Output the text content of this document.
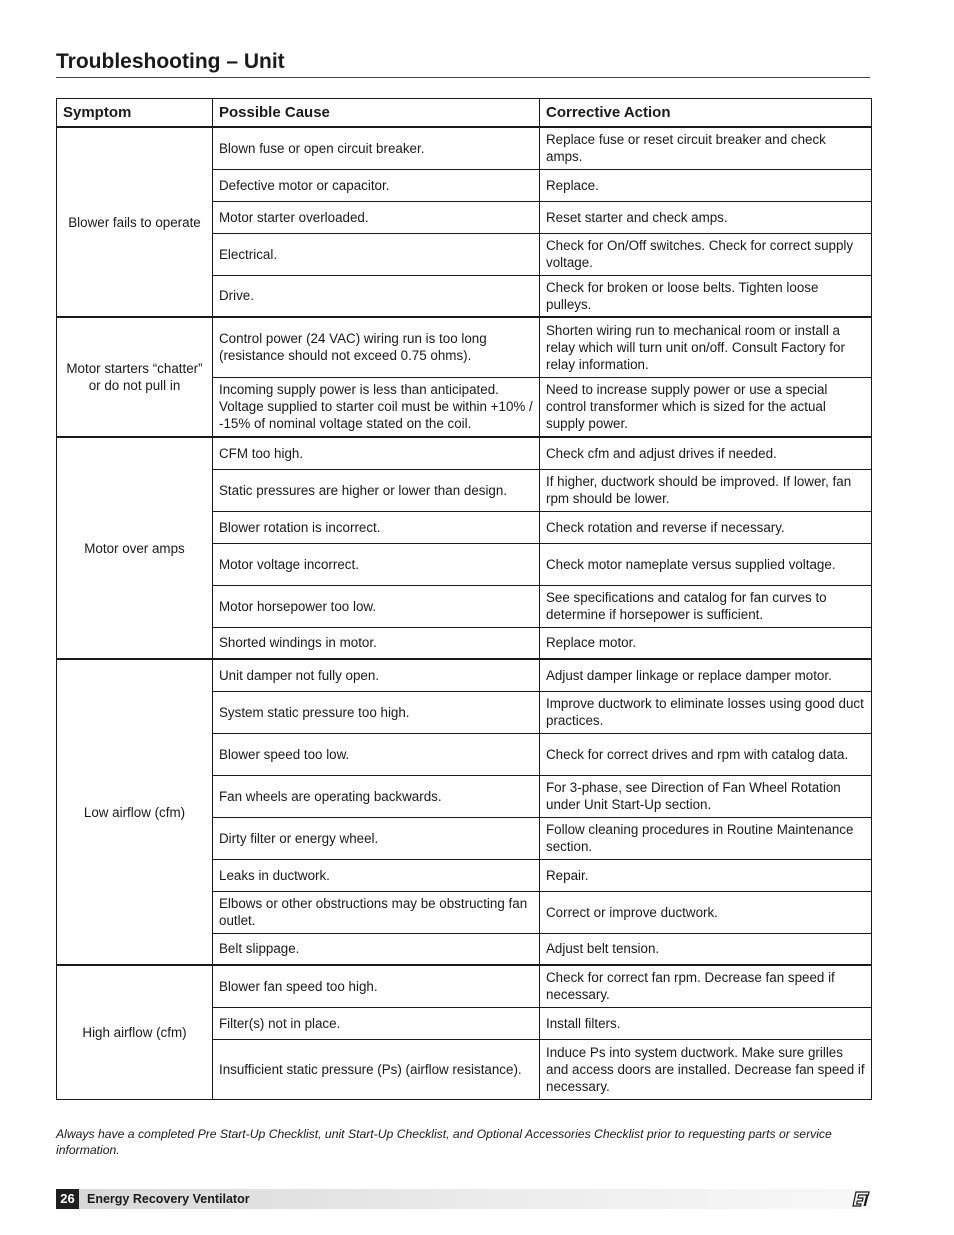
Troubleshooting – Unit
Symptom	Possible Cause	Corrective Action
Blower fails to operate	Blown fuse or open circuit breaker.	Replace fuse or reset circuit breaker and check amps.
	Defective motor or capacitor.	Replace.
	Motor starter overloaded.	Reset starter and check amps.
	Electrical.	Check for On/Off switches. Check for correct supply voltage.
	Drive.	Check for broken or loose belts. Tighten loose pulleys.
Motor starters “chatter” or do not pull in	Control power (24 VAC) wiring run is too long (resistance should not exceed 0.75 ohms).	Shorten wiring run to mechanical room or install a relay which will turn unit on/off. Consult Factory for relay information.
	Incoming supply power is less than anticipated. Voltage supplied to starter coil must be within +10% / -15% of nominal voltage stated on the coil.	Need to increase supply power or use a special control transformer which is sized for the actual supply power.
Motor over amps	CFM too high.	Check cfm and adjust drives if needed.
	Static pressures are higher or lower than design.	If higher, ductwork should be improved. If lower, fan rpm should be lower.
	Blower rotation is incorrect.	Check rotation and reverse if necessary.
	Motor voltage incorrect.	Check motor nameplate versus supplied voltage.
	Motor horsepower too low.	See specifications and catalog for fan curves to determine if horsepower is sufficient.
	Shorted windings in motor.	Replace motor.
Low airflow (cfm)	Unit damper not fully open.	Adjust damper linkage or replace damper motor.
	System static pressure too high.	Improve ductwork to eliminate losses using good duct practices.
	Blower speed too low.	Check for correct drives and rpm with catalog data.
	Fan wheels are operating backwards.	For 3-phase, see Direction of Fan Wheel Rotation under Unit Start-Up section.
	Dirty filter or energy wheel.	Follow cleaning procedures in Routine Maintenance section.
	Leaks in ductwork.	Repair.
	Elbows or other obstructions may be obstructing fan outlet.	Correct or improve ductwork.
	Belt slippage.	Adjust belt tension.
High airflow (cfm)	Blower fan speed too high.	Check for correct fan rpm. Decrease fan speed if necessary.
	Filter(s) not in place.	Install filters.
	Insufficient static pressure (Ps) (airflow resistance).	Induce Ps into system ductwork. Make sure grilles and access doors are installed. Decrease fan speed if necessary.

Always have a completed Pre Start-Up Checklist, unit Start-Up Checklist, and Optional Accessories Checklist prior to requesting parts or service information.

26 Energy Recovery Ventilator
